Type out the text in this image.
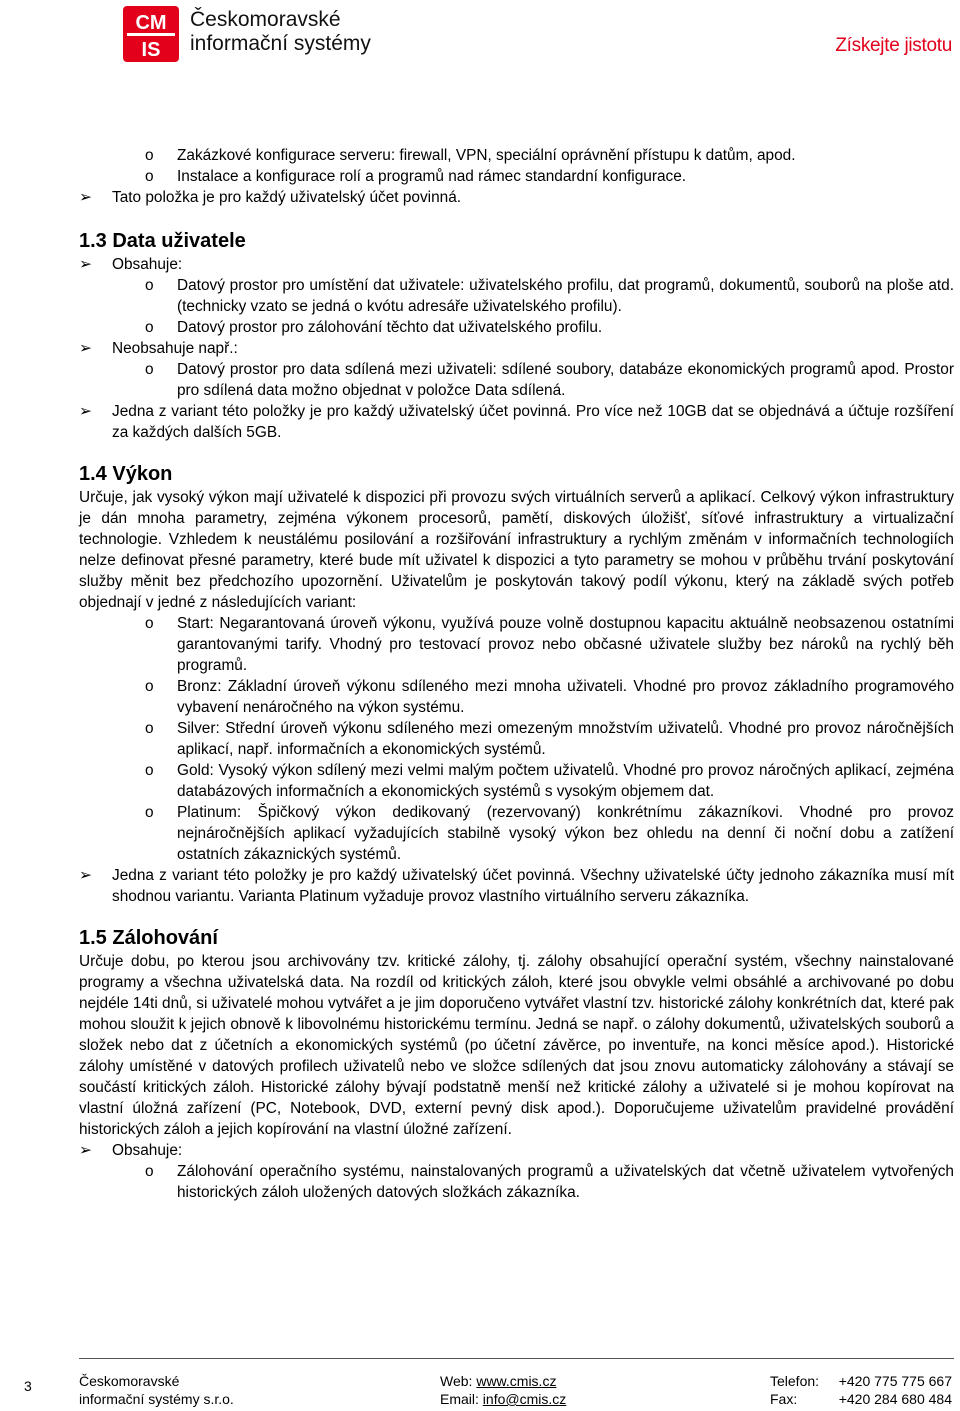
CM
IS
Českomoravské
informační systémy	Získejte jistotu
o Zakázkové konfigurace serveru: firewall, VPN, speciální oprávnění přístupu k datům, apod.
o Instalace a konfigurace rolí a programů nad rámec standardní konfigurace.
➢ Tato položka je pro každý uživatelský účet povinná.
1.3 Data uživatele
➢ Obsahuje:
o Datový prostor pro umístění dat uživatele: uživatelského profilu, dat programů, dokumentů, souborů na ploše atd. (technicky vzato se jedná o kvótu adresáře uživatelského profilu).
o Datový prostor pro zálohování těchto dat uživatelského profilu.
➢ Neobsahuje např.:
o Datový prostor pro data sdílená mezi uživateli: sdílené soubory, databáze ekonomických programů apod. Prostor pro sdílená data možno objednat v položce Data sdílená.
➢ Jedna z variant této položky je pro každý uživatelský účet povinná. Pro více než 10GB dat se objednává a účtuje rozšíření za každých dalších 5GB.
1.4 Výkon
Určuje, jak vysoký výkon mají uživatelé k dispozici při provozu svých virtuálních serverů a aplikací. Celkový výkon infrastruktury je dán mnoha parametry, zejména výkonem procesorů, pamětí, diskových úložišť, síťové infrastruktury a virtualizační technologie. Vzhledem k neustálému posilování a rozšiřování infrastruktury a rychlým změnám v informačních technologiích nelze definovat přesné parametry, které bude mít uživatel k dispozici a tyto parametry se mohou v průběhu trvání poskytování služby měnit bez předchozího upozornění. Uživatelům je poskytován takový podíl výkonu, který na základě svých potřeb objednají v jedné z následujících variant:
o Start: Negarantovaná úroveň výkonu, využívá pouze volně dostupnou kapacitu aktuálně neobsazenou ostatními garantovanými tarify. Vhodný pro testovací provoz nebo občasné uživatele služby bez nároků na rychlý běh programů.
o Bronz: Základní úroveň výkonu sdíleného mezi mnoha uživateli. Vhodné pro provoz základního programového vybavení nenáročného na výkon systému.
o Silver: Střední úroveň výkonu sdíleného mezi omezeným množstvím uživatelů. Vhodné pro provoz náročnějších aplikací, např. informačních a ekonomických systémů.
o Gold: Vysoký výkon sdílený mezi velmi malým počtem uživatelů. Vhodné pro provoz náročných aplikací, zejména databázových informačních a ekonomických systémů s vysokým objemem dat.
o Platinum: Špičkový výkon dedikovaný (rezervovaný) konkrétnímu zákazníkovi. Vhodné pro provoz nejnáročnějších aplikací vyžadujících stabilně vysoký výkon bez ohledu na denní či noční dobu a zatížení ostatních zákaznických systémů.
➢ Jedna z variant této položky je pro každý uživatelský účet povinná. Všechny uživatelské účty jednoho zákazníka musí mít shodnou variantu. Varianta Platinum vyžaduje provoz vlastního virtuálního serveru zákazníka.
1.5 Zálohování
Určuje dobu, po kterou jsou archivovány tzv. kritické zálohy, tj. zálohy obsahující operační systém, všechny nainstalované programy a všechna uživatelská data. Na rozdíl od kritických záloh, které jsou obvykle velmi obsáhlé a archivované po dobu nejdéle 14ti dnů, si uživatelé mohou vytvářet a je jim doporučeno vytvářet vlastní tzv. historické zálohy konkrétních dat, které pak mohou sloužit k jejich obnově k libovolnému historickému termínu. Jedná se např. o zálohy dokumentů, uživatelských souborů a složek nebo dat z účetních a ekonomických systémů (po účetní závěrce, po inventuře, na konci měsíce apod.). Historické zálohy umístěné v datových profilech uživatelů nebo ve složce sdílených dat jsou znovu automaticky zálohovány a stávají se součástí kritických záloh. Historické zálohy bývají podstatně menší než kritické zálohy a uživatelé si je mohou kopírovat na vlastní úložná zařízení (PC, Notebook, DVD, externí pevný disk apod.). Doporučujeme uživatelům pravidelné provádění historických záloh a jejich kopírování na vlastní úložné zařízení.
➢ Obsahuje:
o Zálohování operačního systému, nainstalovaných programů a uživatelských dat včetně uživatelem vytvořených historických záloh uložených datových složkách zákazníka.
3	Českomoravské
informační systémy s.r.o.
Web: www.cmis.cz
Email: info@cmis.cz
Telefon: +420 775 775 667
Fax:	+420 284 680 484
